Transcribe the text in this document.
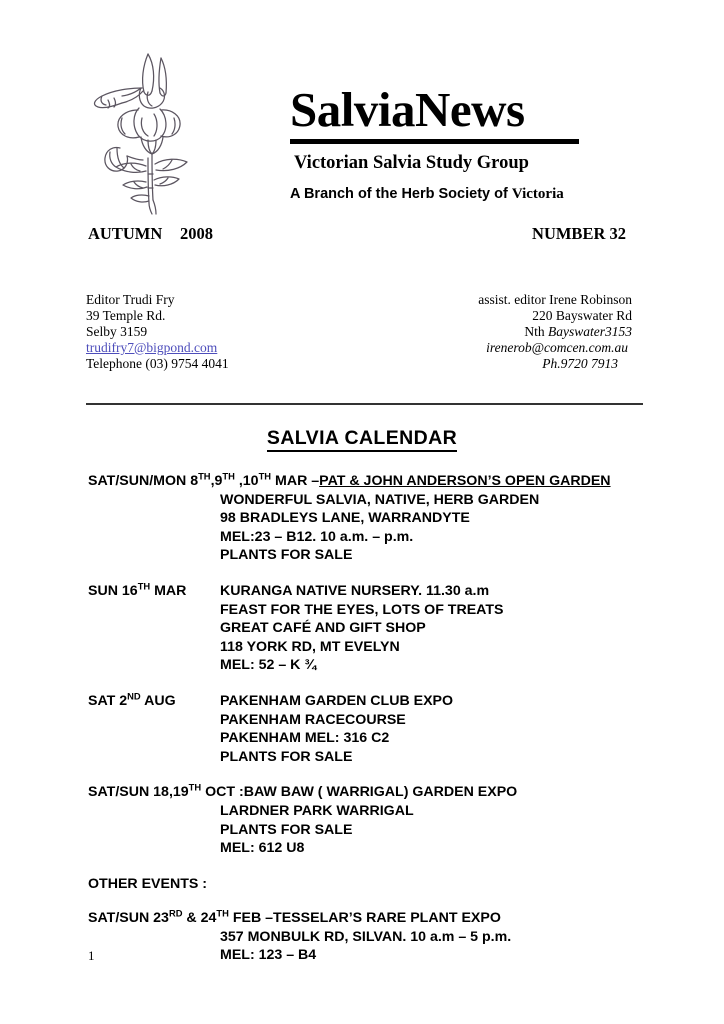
SalviaNews
Victorian Salvia Study Group
A Branch of the Herb Society of Victoria
AUTUMN	2008	NUMBER 32
Editor Trudi Fry
39 Temple Rd.
Selby 3159
trudifry7@bigpond.com
Telephone (03) 9754 4041
assist. editor Irene Robinson
220 Bayswater Rd
Nth Bayswater3153
irenerob@comcen.com.au
Ph.9720 7913
SALVIA CALENDAR
SAT/SUN/MON 8TH,9TH ,10TH MAR – PAT & JOHN ANDERSON’S OPEN GARDEN
WONDERFUL SALVIA, NATIVE, HERB GARDEN
98 BRADLEYS LANE, WARRANDYTE
MEL:23 – B12. 10 a.m. – p.m.
PLANTS FOR SALE
SUN 16TH MAR	KURANGA NATIVE NURSERY. 11.30 a.m
FEAST FOR THE EYES, LOTS OF TREATS
GREAT CAFÉ AND GIFT SHOP
118 YORK RD, MT EVELYN
MEL: 52 – K ¾
SAT 2ND AUG	PAKENHAM GARDEN CLUB EXPO
PAKENHAM RACECOURSE
PAKENHAM MEL: 316 C2
PLANTS FOR SALE
SAT/SUN 18,19TH OCT : BAW BAW ( WARRIGAL) GARDEN EXPO
LARDNER PARK WARRIGAL
PLANTS FOR SALE
MEL: 612 U8
OTHER EVENTS :
SAT/SUN 23RD & 24TH FEB – TESSELAR’S RARE PLANT EXPO
357 MONBULK RD, SILVAN. 10 a.m – 5 p.m.
MEL: 123 – B4
1
